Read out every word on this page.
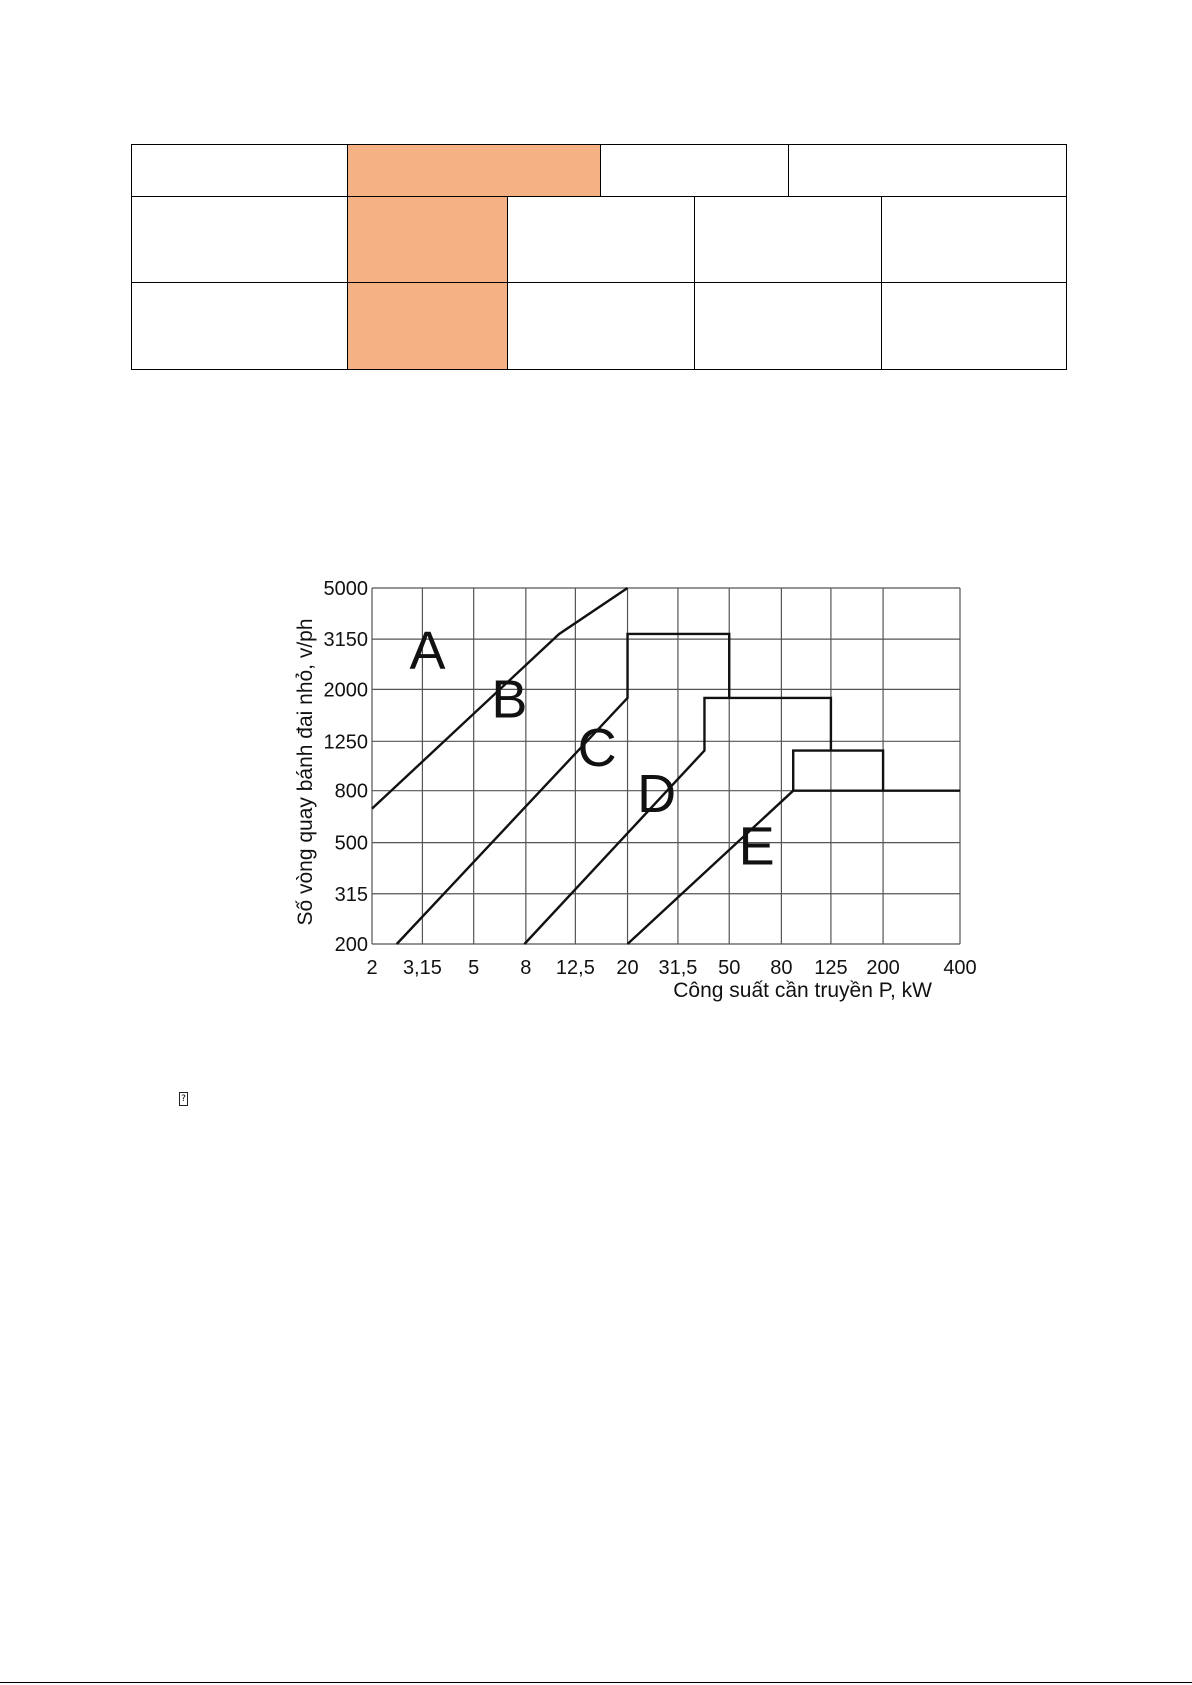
200
315
500
800
1250
2000
3150
5000
2 3,15 5 8 12,5 20 31,5 50 80 125 200 400
A
B
C
D
E
Công suất cần truyền P, kW
Số vòng quay bánh đai nhỏ, v/ph
?
